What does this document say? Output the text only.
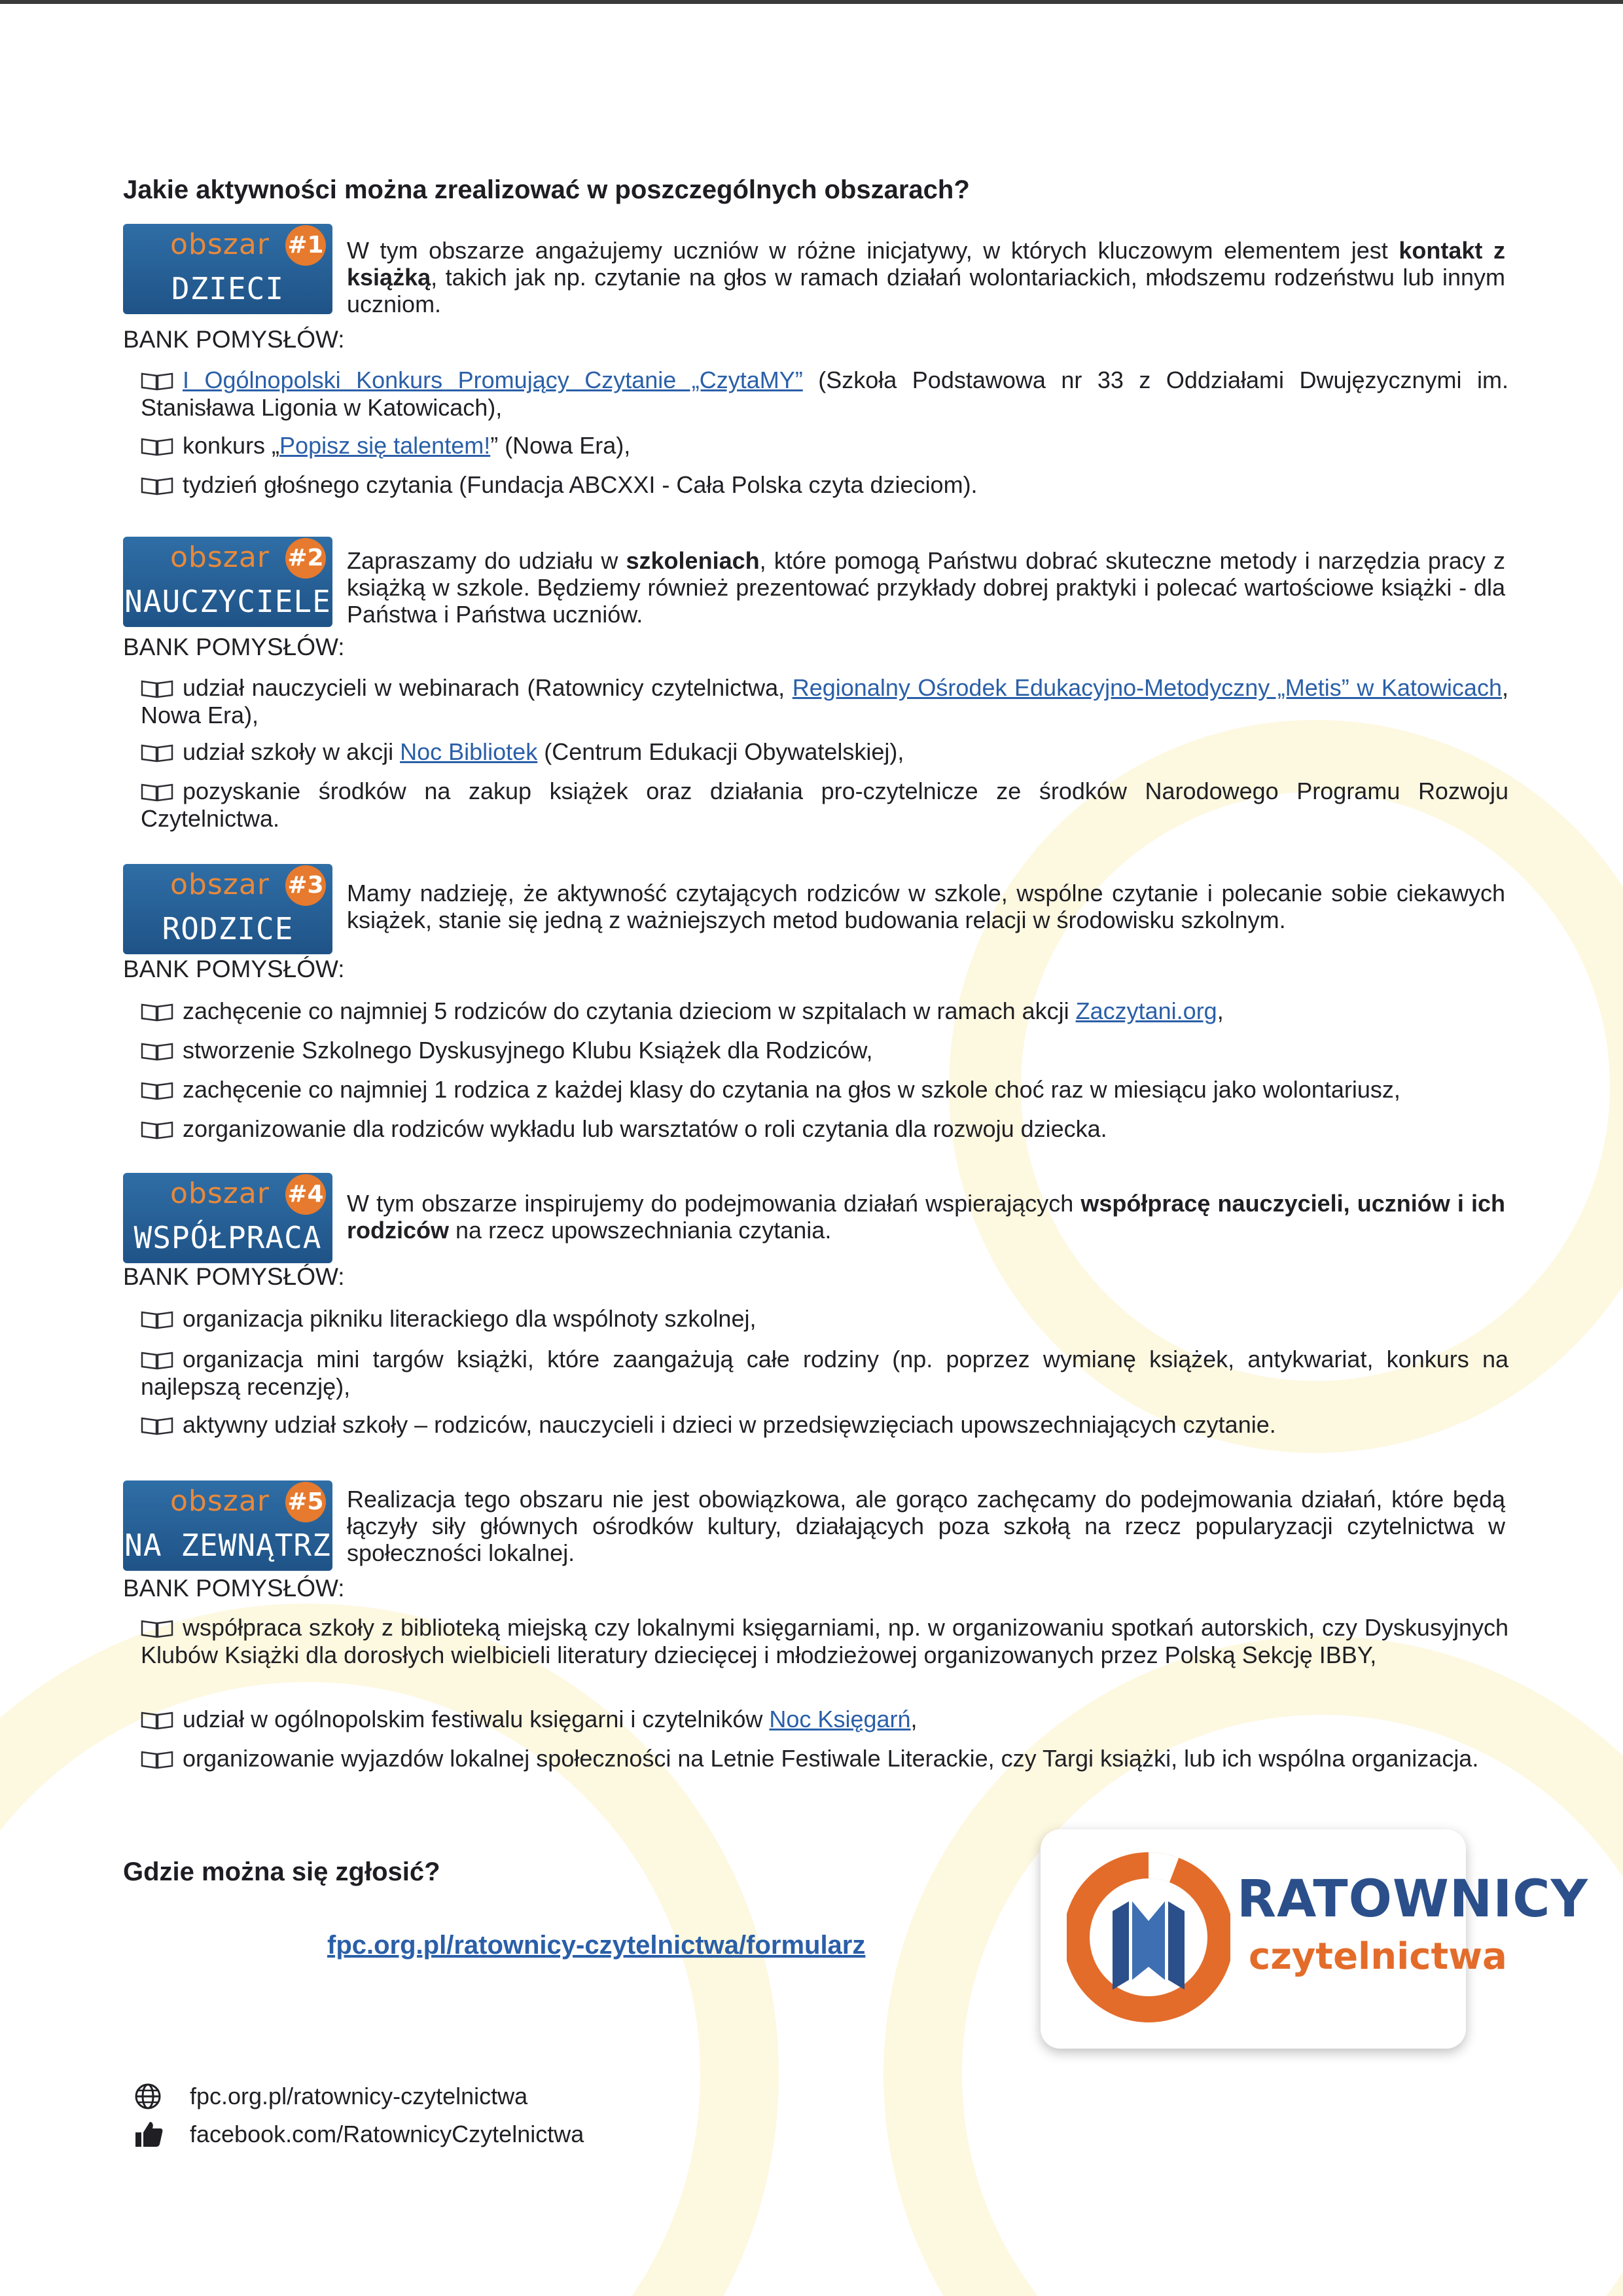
Jakie aktywności można zrealizować w poszczególnych obszarach?
obszar #1
DZIECI
W tym obszarze angażujemy uczniów w różne inicjatywy, w których kluczowym elementem jest kontakt z książką, takich jak np. czytanie na głos w ramach działań wolontariackich, młodszemu rodzeństwu lub innym uczniom.
BANK POMYSŁÓW:
I Ogólnopolski Konkurs Promujący Czytanie „CzytaMY” (Szkoła Podstawowa nr 33 z Oddziałami Dwujęzycznymi im. Stanisława Ligonia w Katowicach),
konkurs „Popisz się talentem!” (Nowa Era),
tydzień głośnego czytania (Fundacja ABCXXI - Cała Polska czyta dzieciom).
obszar #2
NAUCZYCIELE
Zapraszamy do udziału w szkoleniach, które pomogą Państwu dobrać skuteczne metody i narzędzia pracy z książką w szkole. Będziemy również prezentować przykłady dobrej praktyki i polecać wartościowe książki - dla Państwa i Państwa uczniów.
BANK POMYSŁÓW:
udział nauczycieli w webinarach (Ratownicy czytelnictwa, Regionalny Ośrodek Edukacyjno-Metodyczny „Metis” w Katowicach, Nowa Era),
udział szkoły w akcji Noc Bibliotek (Centrum Edukacji Obywatelskiej),
pozyskanie środków na zakup książek oraz działania pro-czytelnicze ze środków Narodowego Programu Rozwoju Czytelnictwa.
obszar #3
RODZICE
Mamy nadzieję, że aktywność czytających rodziców w szkole, wspólne czytanie i polecanie sobie ciekawych książek, stanie się jedną z ważniejszych metod budowania relacji w środowisku szkolnym.
BANK POMYSŁÓW:
zachęcenie co najmniej 5 rodziców do czytania dzieciom w szpitalach w ramach akcji Zaczytani.org,
stworzenie Szkolnego Dyskusyjnego Klubu Książek dla Rodziców,
zachęcenie co najmniej 1 rodzica z każdej klasy do czytania na głos w szkole choć raz w miesiącu jako wolontariusz,
zorganizowanie dla rodziców wykładu lub warsztatów o roli czytania dla rozwoju dziecka.
obszar #4
WSPÓŁPRACA
W tym obszarze inspirujemy do podejmowania działań wspierających współpracę nauczycieli, uczniów i ich rodziców na rzecz upowszechniania czytania.
BANK POMYSŁÓW:
organizacja pikniku literackiego dla wspólnoty szkolnej,
organizacja mini targów książki, które zaangażują całe rodziny (np. poprzez wymianę książek, antykwariat, konkurs na najlepszą recenzję),
aktywny udział szkoły – rodziców, nauczycieli i dzieci w przedsięwzięciach upowszechniających czytanie.
obszar #5
NA ZEWNĄTRZ
Realizacja tego obszaru nie jest obowiązkowa, ale gorąco zachęcamy do podejmowania działań, które będą łączyły siły głównych ośrodków kultury, działających poza szkołą na rzecz popularyzacji czytelnictwa w społeczności lokalnej.
BANK POMYSŁÓW:
współpraca szkoły z biblioteką miejską czy lokalnymi księgarniami, np. w organizowaniu spotkań autorskich, czy Dyskusyjnych Klubów Książki dla dorosłych wielbicieli literatury dziecięcej i młodzieżowej organizowanych przez Polską Sekcję IBBY,
udział w ogólnopolskim festiwalu księgarni i czytelników Noc Księgarń,
organizowanie wyjazdów lokalnej społeczności na Letnie Festiwale Literackie, czy Targi książki, lub ich wspólna organizacja.
Gdzie można się zgłosić?
fpc.org.pl/ratownicy-czytelnictwa/formularz
RATOWNICY
czytelnictwa
fpc.org.pl/ratownicy-czytelnictwa
facebook.com/RatownicyCzytelnictwa
